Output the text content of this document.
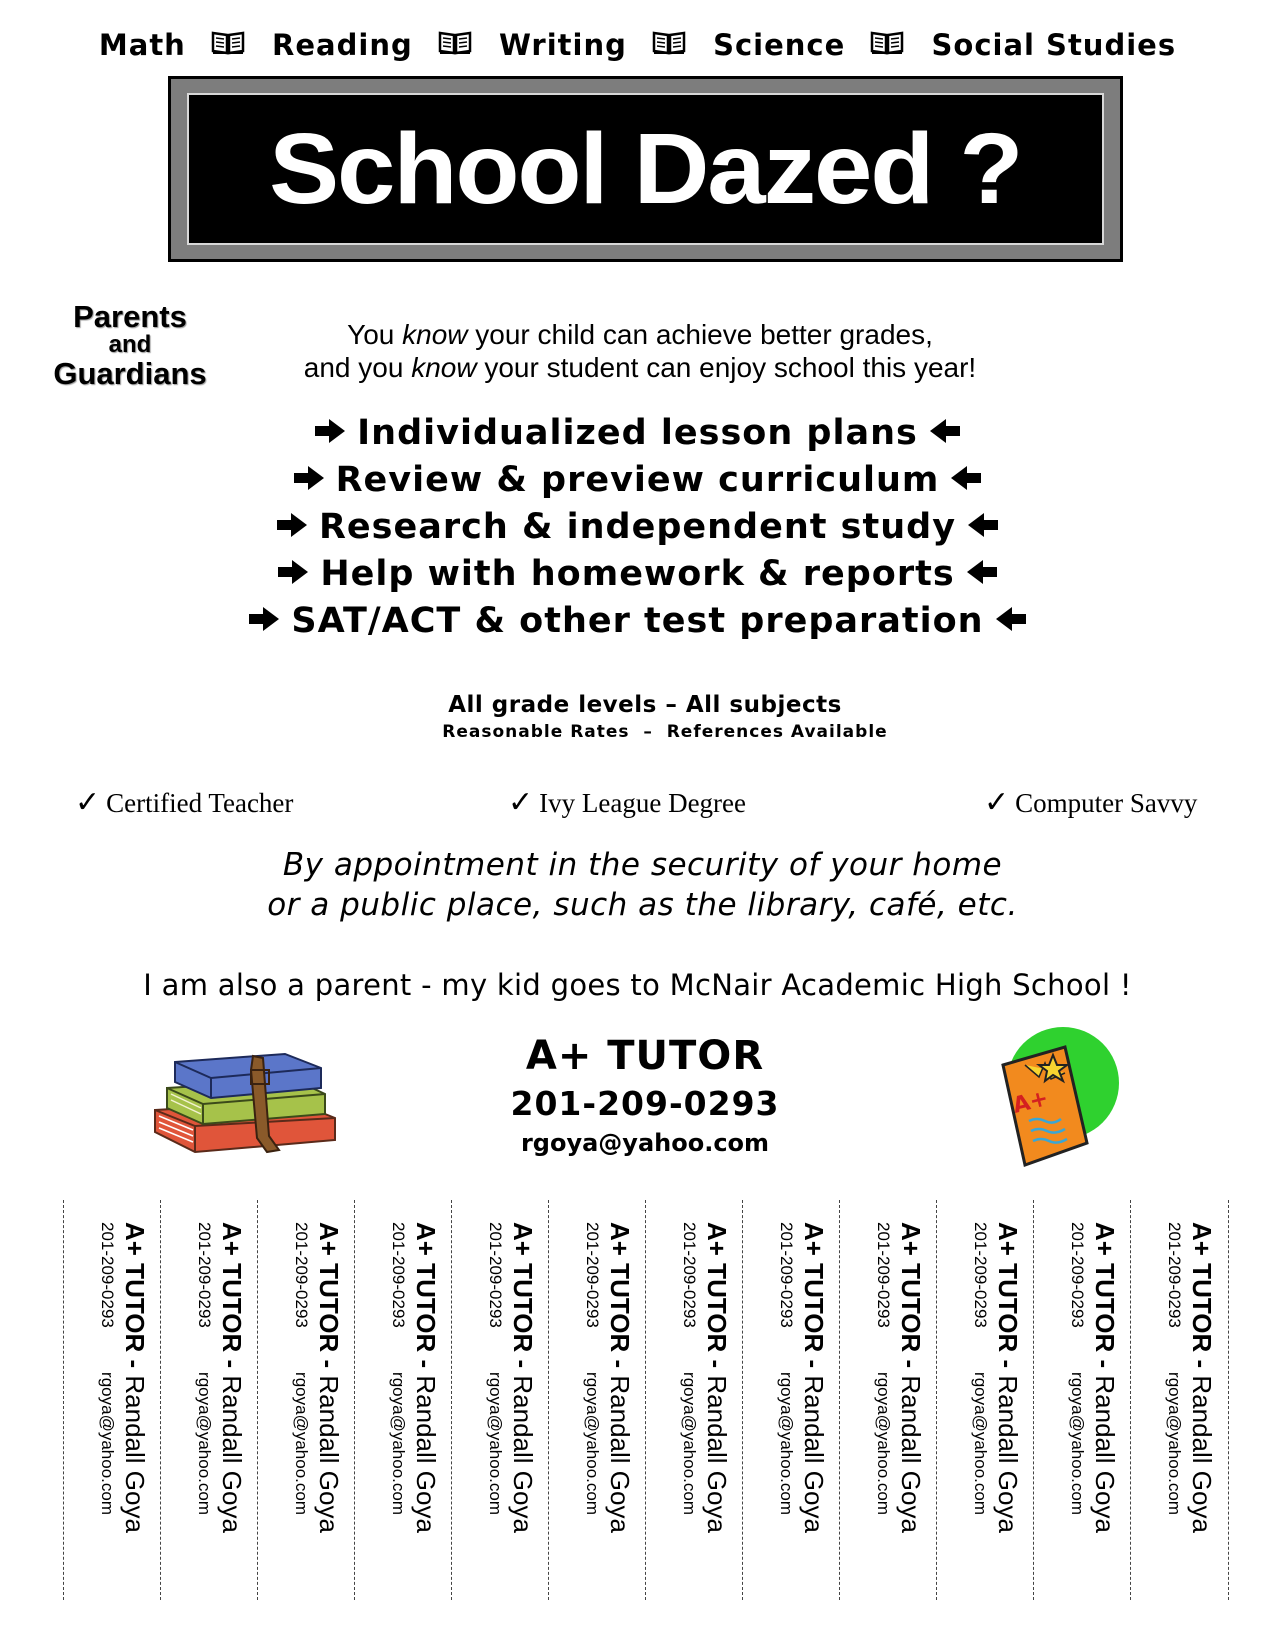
Math	Reading	Writing	Science	Social Studies
School Dazed ?
Parents
and
Guardians
You know your child can achieve better grades,
and you know your student can enjoy school this year!
Individualized lesson plans
Review & preview curriculum
Research & independent study
Help with homework & reports
SAT/ACT & other test preparation
All grade levels – All subjects
Reasonable Rates  –  References Available
✓ Certified Teacher	✓ Ivy League Degree	✓ Computer Savvy
By appointment in the security of your home
or a public place, such as the library, café, etc.
I am also a parent - my kid goes to McNair Academic High School !
A+ TUTOR
201-209-0293
rgoya@yahoo.com
A+
A+ TUTOR - Randall Goya
201-209-0293   rgoya@yahoo.com
A+ TUTOR - Randall Goya
201-209-0293   rgoya@yahoo.com
A+ TUTOR - Randall Goya
201-209-0293   rgoya@yahoo.com
A+ TUTOR - Randall Goya
201-209-0293   rgoya@yahoo.com
A+ TUTOR - Randall Goya
201-209-0293   rgoya@yahoo.com
A+ TUTOR - Randall Goya
201-209-0293   rgoya@yahoo.com
A+ TUTOR - Randall Goya
201-209-0293   rgoya@yahoo.com
A+ TUTOR - Randall Goya
201-209-0293   rgoya@yahoo.com
A+ TUTOR - Randall Goya
201-209-0293   rgoya@yahoo.com
A+ TUTOR - Randall Goya
201-209-0293   rgoya@yahoo.com
A+ TUTOR - Randall Goya
201-209-0293   rgoya@yahoo.com
A+ TUTOR - Randall Goya
201-209-0293   rgoya@yahoo.com
